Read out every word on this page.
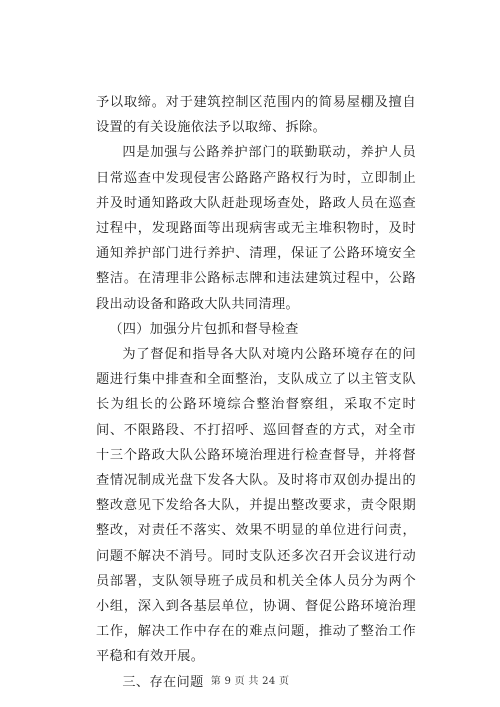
予以取缔。对于建筑控制区范围内的简易屋棚及擅自设置的有关设施依法予以取缔、拆除。

四是加强与公路养护部门的联勤联动，养护人员日常巡查中发现侵害公路路产路权行为时，立即制止并及时通知路政大队赶赴现场查处，路政人员在巡查过程中，发现路面等出现病害或无主堆积物时，及时通知养护部门进行养护、清理，保证了公路环境安全整洁。在清理非公路标志牌和违法建筑过程中，公路段出动设备和路政大队共同清理。

（四）加强分片包抓和督导检查

为了督促和指导各大队对境内公路环境存在的问题进行集中排查和全面整治，支队成立了以主管支队长为组长的公路环境综合整治督察组，采取不定时间、不限路段、不打招呼、巡回督查的方式，对全市十三个路政大队公路环境治理进行检查督导，并将督查情况制成光盘下发各大队。及时将市双创办提出的整改意见下发给各大队，并提出整改要求，责令限期整改，对责任不落实、效果不明显的单位进行问责，问题不解决不消号。同时支队还多次召开会议进行动员部署，支队领导班子成员和机关全体人员分为两个小组，深入到各基层单位，协调、督促公路环境治理工作，解决工作中存在的难点问题，推动了整治工作平稳和有效开展。

三、存在问题 第 9 页 共 24 页
